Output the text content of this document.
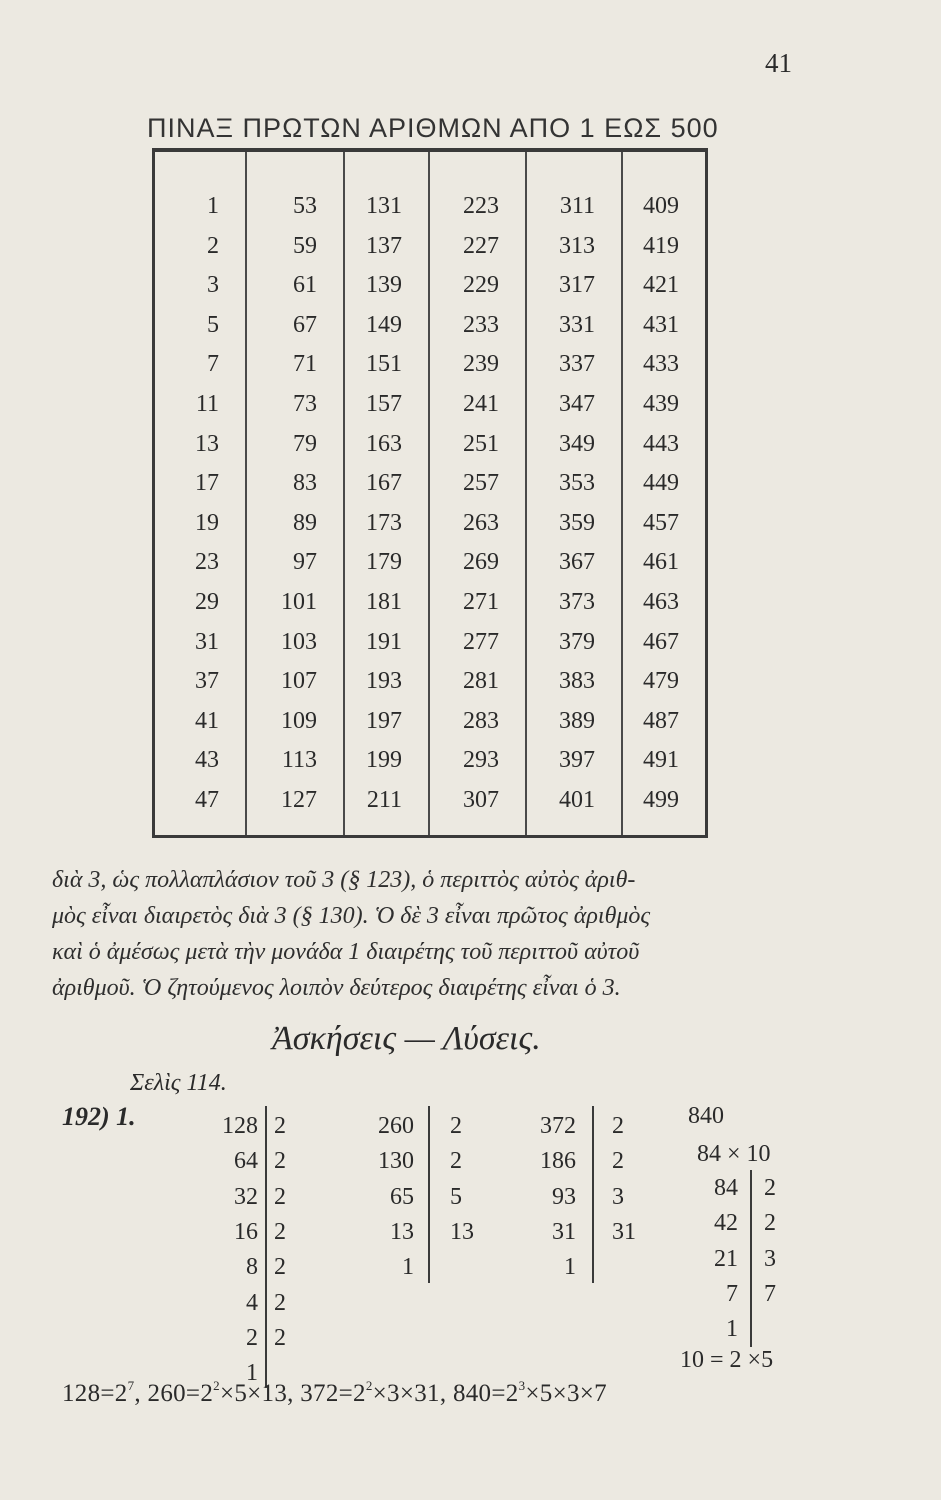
41
ΠΙΝΑΞ ΠΡΩΤΩΝ ΑΡΙΘΜΩΝ ΑΠΟ 1 ΕΩΣ 500
1
2
3
5
7
11
13
17
19
23
29
31
37
41
43
47
53
59
61
67
71
73
79
83
89
97
101
103
107
109
113
127
131
137
139
149
151
157
163
167
173
179
181
191
193
197
199
211
223
227
229
233
239
241
251
257
263
269
271
277
281
283
293
307
311
313
317
331
337
347
349
353
359
367
373
379
383
389
397
401
409
419
421
431
433
439
443
449
457
461
463
467
479
487
491
499
διὰ 3, ὡς πολλαπλάσιον τοῦ 3 (§ 123), ὁ περιττὸς αὐτὸς ἀριθ-
μὸς εἶναι διαιρετὸς διὰ 3 (§ 130). Ὁ δὲ 3 εἶναι πρῶτος ἀριθμὸς
καὶ ὁ ἀμέσως μετὰ τὴν μονάδα 1 διαιρέτης τοῦ περιττοῦ αὐτοῦ
ἀριθμοῦ. Ὁ ζητούμενος λοιπὸν δεύτερος διαιρέτης εἶναι ὁ 3.
Ἀσκήσεις — Λύσεις.
Σελὶς 114.
192) 1.	128
64
32
16
8
4
2
1
2
2
2
2
2
2
2
260
130
65
13
1
2
2
5
13
372
186
93
31
1
2
2
3
31
840
84 × 10
84
42
21
7
1
2
2
3
7
10 = 2 ×5
$128=2^7$, $260=2^2\times 5\times 13$, $372=2^2\times 3\times 31$, $840=2^3\times 5\times 3\times 7$
